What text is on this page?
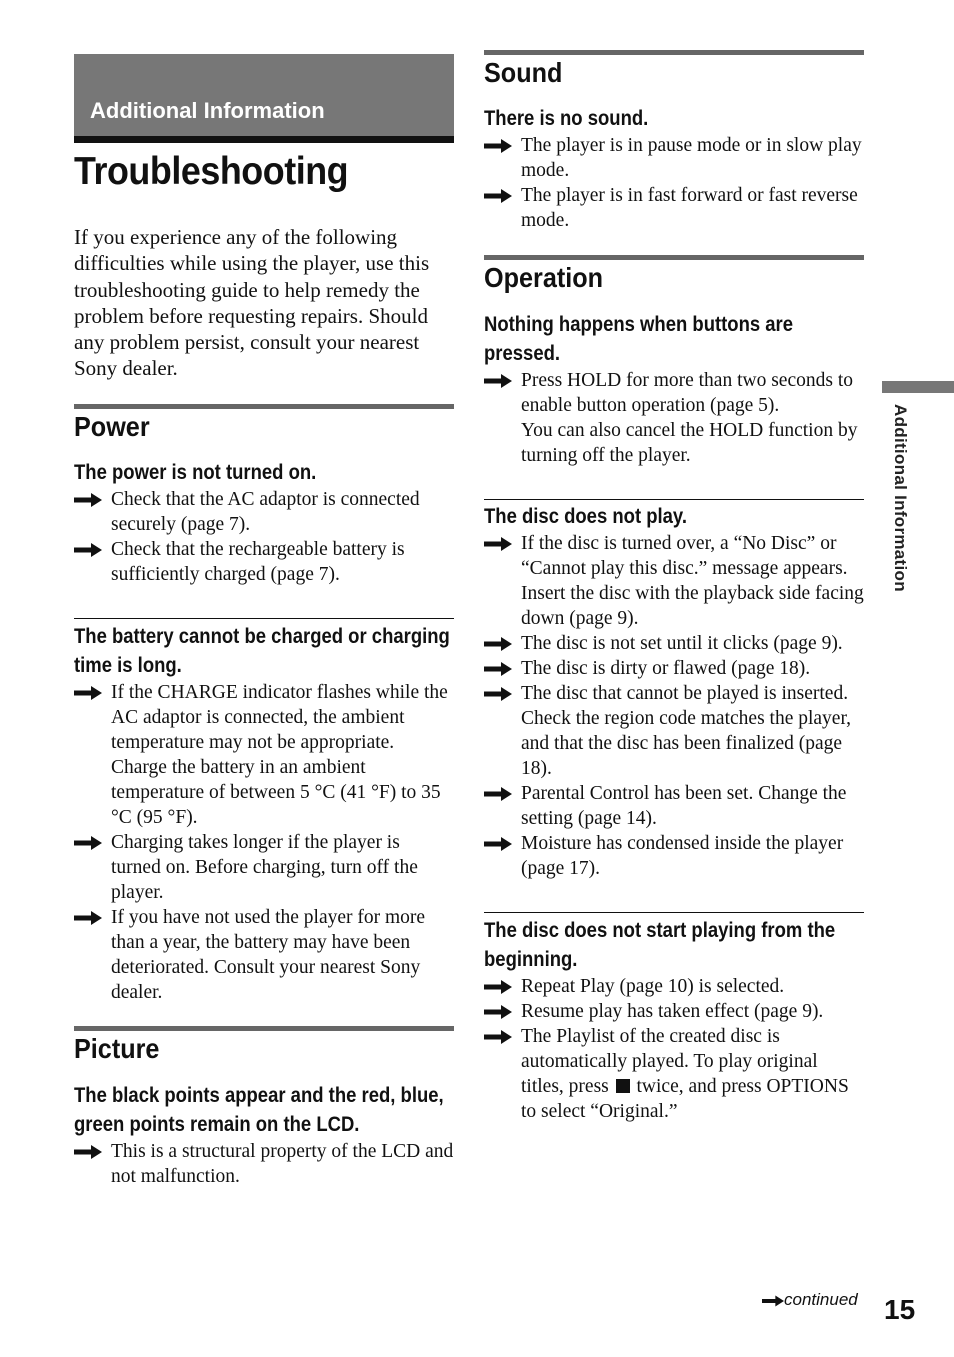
Additional Information
Troubleshooting

If you experience any of the following difficulties while using the player, use this troubleshooting guide to help remedy the problem before requesting repairs. Should any problem persist, consult your nearest Sony dealer.

Power

The power is not turned on.

Check that the AC adaptor is connected securely (page 7).
Check that the rechargeable battery is sufficiently charged (page 7).

The battery cannot be charged or charging time is long.

If the CHARGE indicator flashes while the AC adaptor is connected, the ambient temperature may not be appropriate. Charge the battery in an ambient temperature of between 5 °C (41 °F) to 35 °C (95 °F).
Charging takes longer if the player is turned on. Before charging, turn off the player.
If you have not used the player for more than a year, the battery may have been deteriorated. Consult your nearest Sony dealer.
Picture

The black points appear and the red, blue, green points remain on the LCD.

This is a structural property of the LCD and not malfunction.
Sound

There is no sound.

The player is in pause mode or in slow play mode.
The player is in fast forward or fast reverse mode.
Operation

Nothing happens when buttons are pressed.

Press HOLD for more than two seconds to enable button operation (page 5).
You can also cancel the HOLD function by turning off the player.

The disc does not play.

If the disc is turned over, a “No Disc” or “Cannot play this disc.” message appears. Insert the disc with the playback side facing down (page 9).
The disc is not set until it clicks (page 9).
The disc is dirty or flawed (page 18).
The disc that cannot be played is inserted. Check the region code matches the player, and that the disc has been finalized (page 18).
Parental Control has been set. Change the setting (page 14).
Moisture has condensed inside the player (page 17).

The disc does not start playing from the beginning.

Repeat Play (page 10) is selected.
Resume play has taken effect (page 9).
The Playlist of the created disc is automatically played. To play original titles, press twice, and press OPTIONS to select “Original.”
Additional Information
continued 15
